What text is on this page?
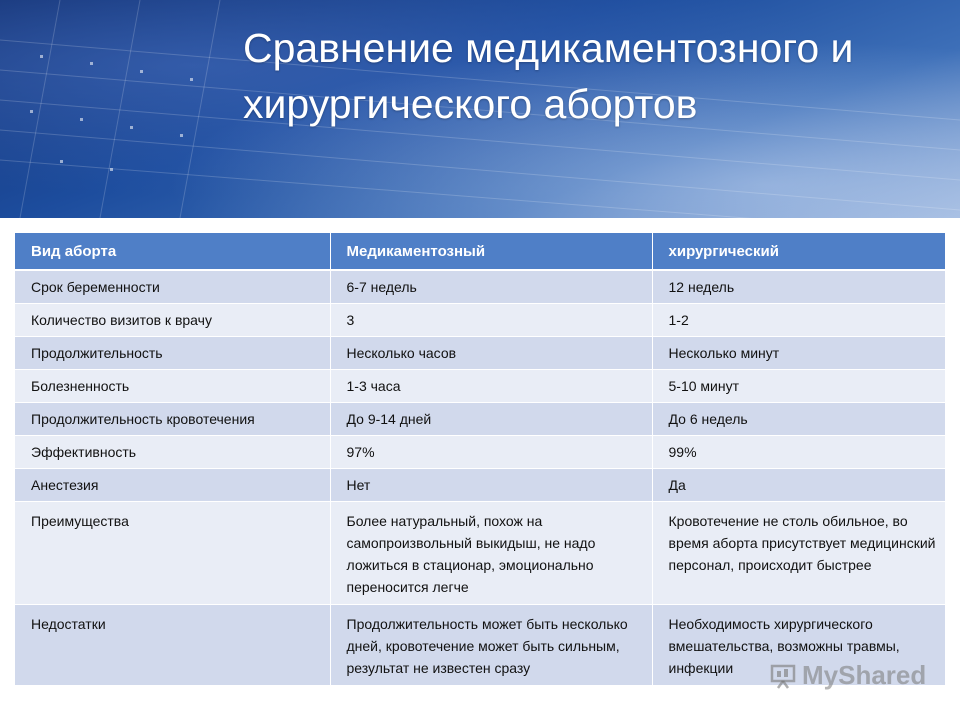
Сравнение медикаментозного и
хирургического абортов
Вид аборта	Медикаментозный	хирургический
Срок беременности	6-7 недель	12 недель
Количество визитов к врачу	3	1-2
Продолжительность	Несколько часов	Несколько минут
Болезненность	1-3 часа	5-10 минут
Продолжительность кровотечения	До 9-14 дней	До 6 недель
Эффективность	97%	99%
Анестезия	Нет	Да
Преимущества	Более натуральный, похож на самопроизвольный выкидыш, не надо ложиться в стационар, эмоционально переносится легче	Кровотечение не столь обильное, во время аборта присутствует медицинский персонал, происходит быстрее
Недостатки	Продолжительность может быть несколько дней, кровотечение может быть сильным, результат не известен сразу	Необходимость хирургического вмешательства, возможны травмы, инфекции	MyShared
